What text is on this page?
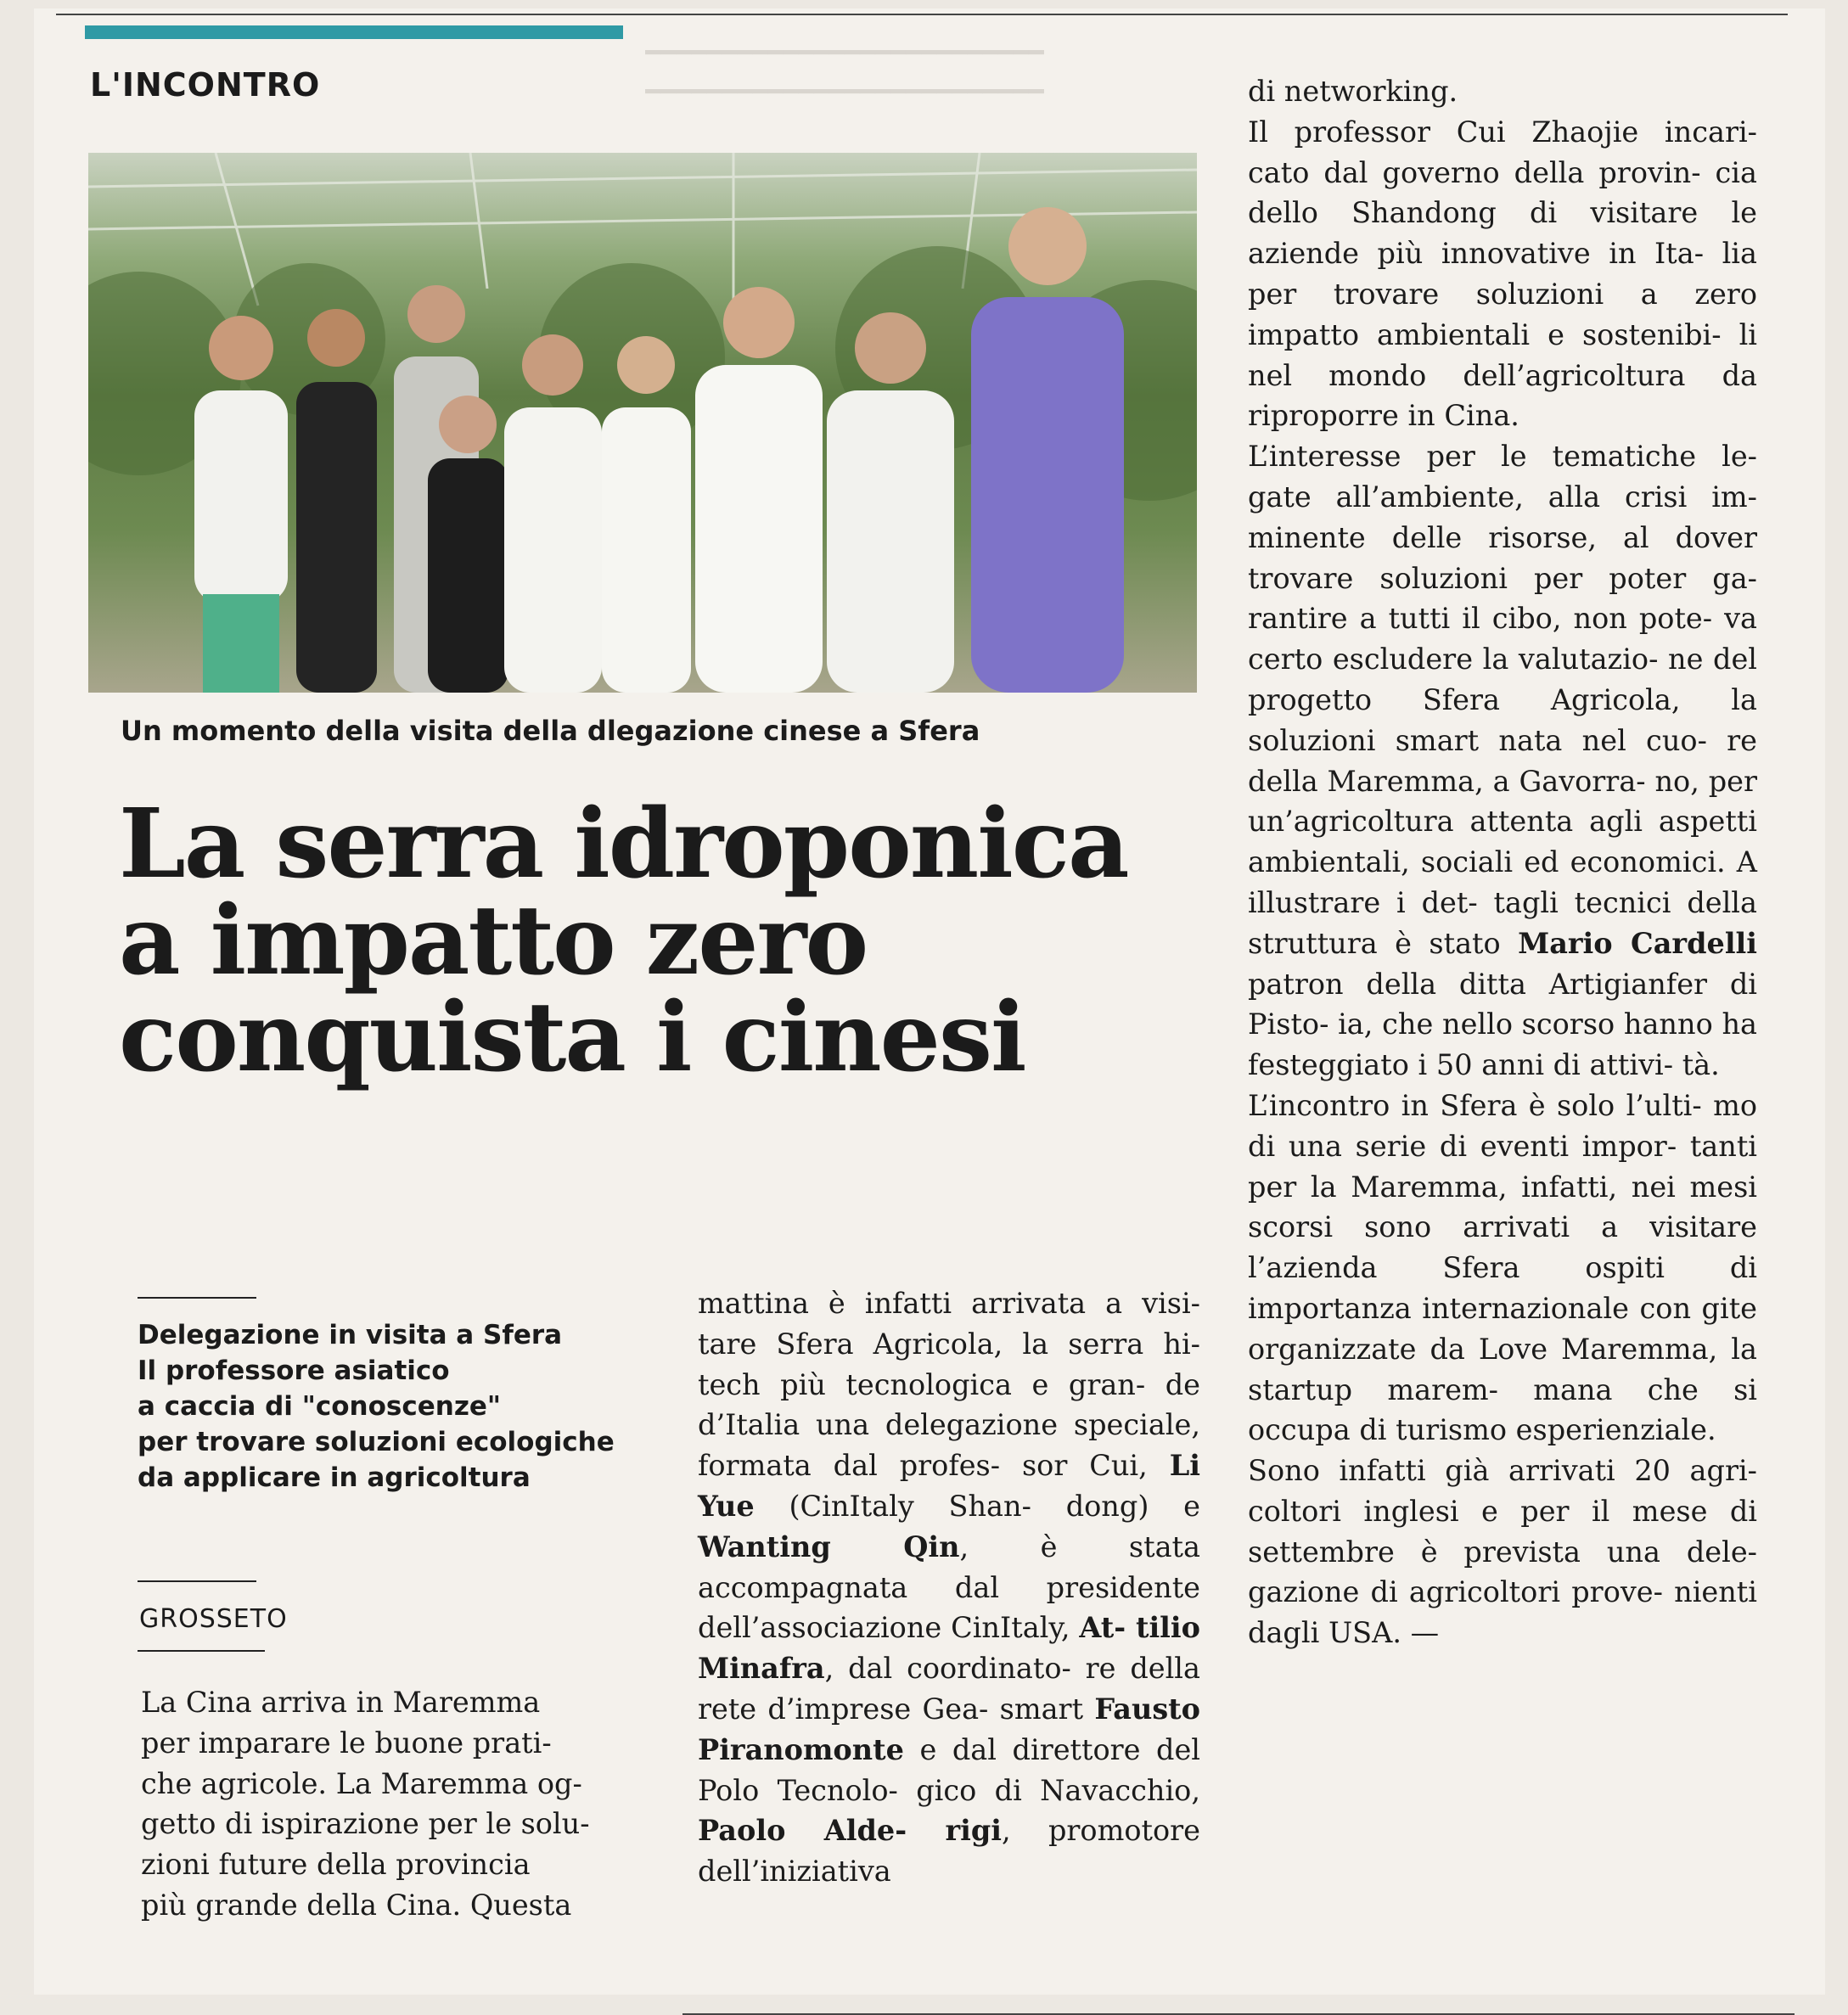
L'INCONTRO
━━━━━━━━━━━━━━━━━━━━━━━━━━
━━━━━━━━━━━━━━━━━━━━━━━━━━
Un momento della visita della dlegazione cinese a Sfera
La serra idroponica
a impatto zero
conquista i cinesi
Delegazione in visita a Sfera
Il professore asiatico
a caccia di "conoscenze"
per trovare soluzioni ecologiche
da applicare in agricoltura
GROSSETO
La Cina arriva in Maremma
per imparare le buone prati-
che agricole. La Maremma og-
getto di ispirazione per le solu-
zioni future della provincia
più grande della Cina. Questa

mattina è infatti arrivata a visi- tare Sfera Agricola, la serra hi-tech più tecnologica e gran- de d’Italia una delegazione speciale, formata dal profes- sor Cui, Li Yue (CinItaly Shan- dong) e Wanting Qin, è stata accompagnata dal presidente dell’associazione CinItaly, At- tilio Minafra, dal coordinato- re della rete d’imprese Gea- smart Fausto Piranomonte e dal direttore del Polo Tecnolo- gico di Navacchio, Paolo Alde- rigi, promotore dell’iniziativa

di networking.

Il professor Cui Zhaojie incari- cato dal governo della provin- cia dello Shandong di visitare le aziende più innovative in Ita- lia per trovare soluzioni a zero impatto ambientali e sostenibi- li nel mondo dell’agricoltura da riproporre in Cina.

L’interesse per le tematiche le- gate all’ambiente, alla crisi im- minente delle risorse, al dover trovare soluzioni per poter ga- rantire a tutti il cibo, non pote- va certo escludere la valutazio- ne del progetto Sfera Agricola, la soluzioni smart nata nel cuo- re della Maremma, a Gavorra- no, per un’agricoltura attenta agli aspetti ambientali, sociali ed economici. A illustrare i det- tagli tecnici della struttura è stato Mario Cardelli patron della ditta Artigianfer di Pisto- ia, che nello scorso hanno ha festeggiato i 50 anni di attivi- tà.

L’incontro in Sfera è solo l’ulti- mo di una serie di eventi impor- tanti per la Maremma, infatti, nei mesi scorsi sono arrivati a visitare l’azienda Sfera ospiti di importanza internazionale con gite organizzate da Love Maremma, la startup marem- mana che si occupa di turismo esperienziale.

Sono infatti già arrivati 20 agri- coltori inglesi e per il mese di settembre è prevista una dele- gazione di agricoltori prove- nienti dagli USA. —
